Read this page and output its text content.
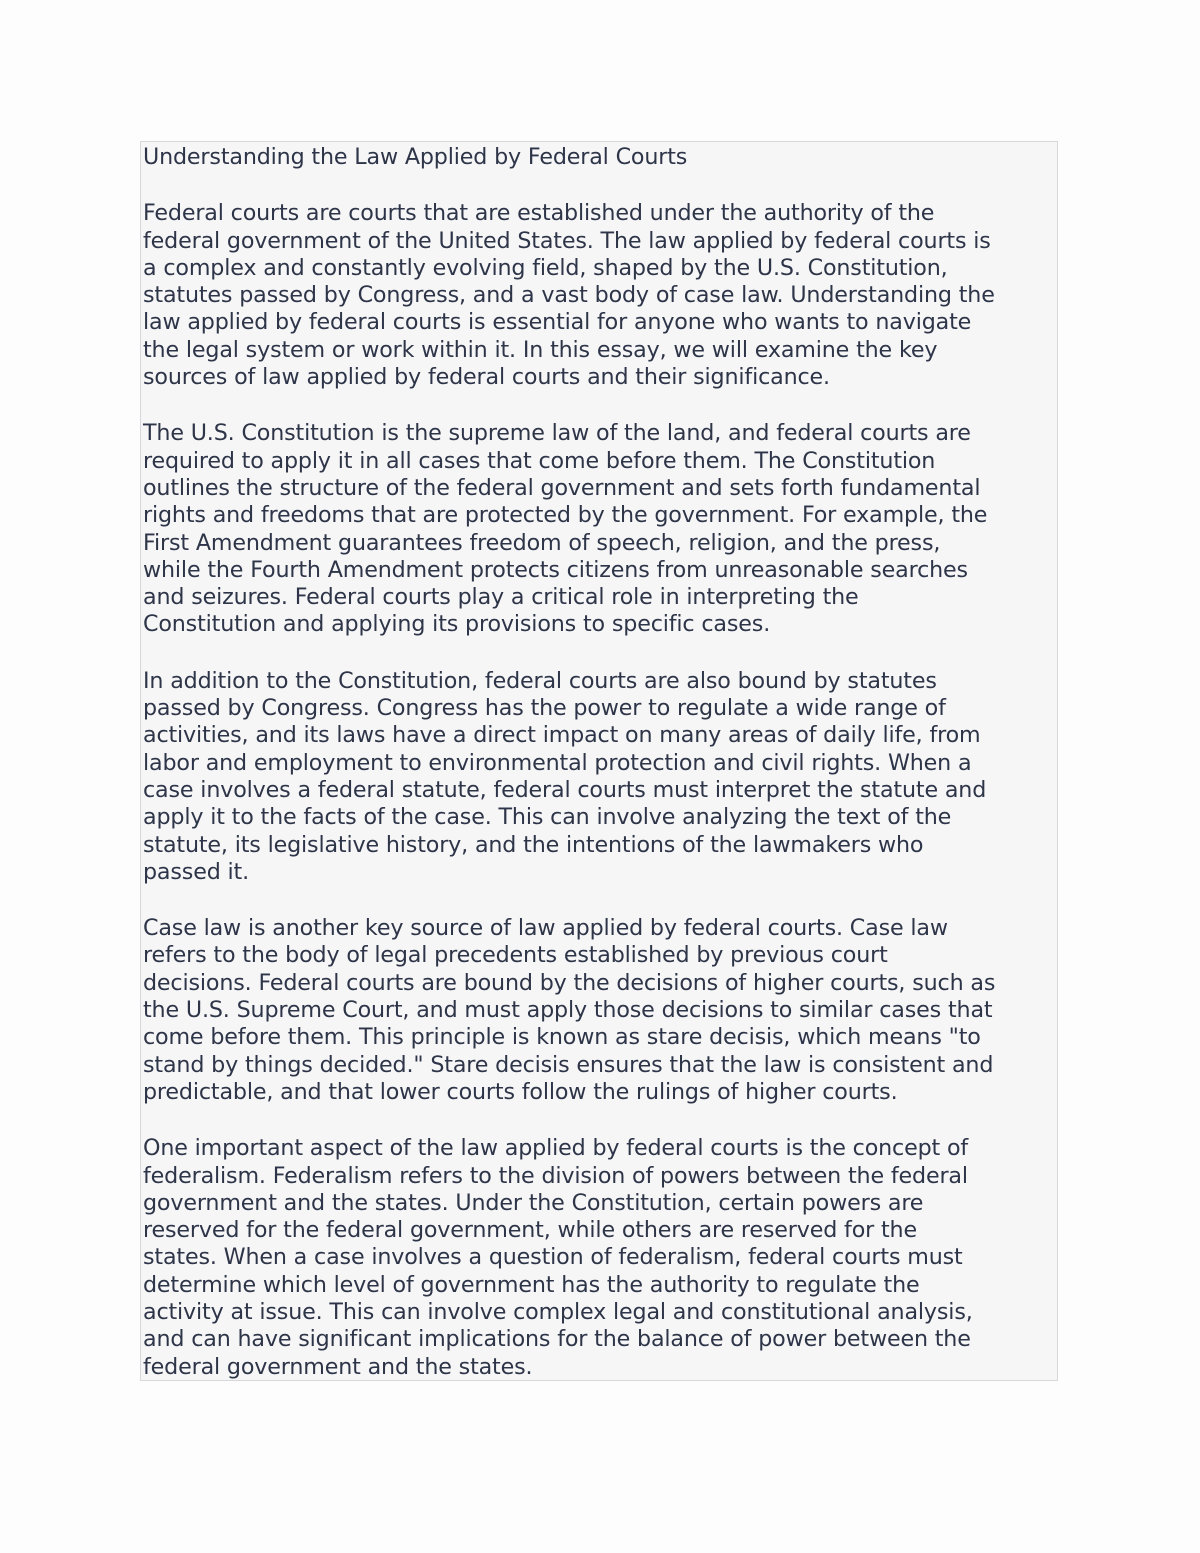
Understanding the Law Applied by Federal Courts

Federal courts are courts that are established under the authority of the
federal government of the United States. The law applied by federal courts is
a complex and constantly evolving field, shaped by the U.S. Constitution,
statutes passed by Congress, and a vast body of case law. Understanding the
law applied by federal courts is essential for anyone who wants to navigate
the legal system or work within it. In this essay, we will examine the key
sources of law applied by federal courts and their significance.

The U.S. Constitution is the supreme law of the land, and federal courts are
required to apply it in all cases that come before them. The Constitution
outlines the structure of the federal government and sets forth fundamental
rights and freedoms that are protected by the government. For example, the
First Amendment guarantees freedom of speech, religion, and the press,
while the Fourth Amendment protects citizens from unreasonable searches
and seizures. Federal courts play a critical role in interpreting the
Constitution and applying its provisions to specific cases.

In addition to the Constitution, federal courts are also bound by statutes
passed by Congress. Congress has the power to regulate a wide range of
activities, and its laws have a direct impact on many areas of daily life, from
labor and employment to environmental protection and civil rights. When a
case involves a federal statute, federal courts must interpret the statute and
apply it to the facts of the case. This can involve analyzing the text of the
statute, its legislative history, and the intentions of the lawmakers who
passed it.

Case law is another key source of law applied by federal courts. Case law
refers to the body of legal precedents established by previous court
decisions. Federal courts are bound by the decisions of higher courts, such as
the U.S. Supreme Court, and must apply those decisions to similar cases that
come before them. This principle is known as stare decisis, which means "to
stand by things decided." Stare decisis ensures that the law is consistent and
predictable, and that lower courts follow the rulings of higher courts.

One important aspect of the law applied by federal courts is the concept of
federalism. Federalism refers to the division of powers between the federal
government and the states. Under the Constitution, certain powers are
reserved for the federal government, while others are reserved for the
states. When a case involves a question of federalism, federal courts must
determine which level of government has the authority to regulate the
activity at issue. This can involve complex legal and constitutional analysis,
and can have significant implications for the balance of power between the
federal government and the states.
